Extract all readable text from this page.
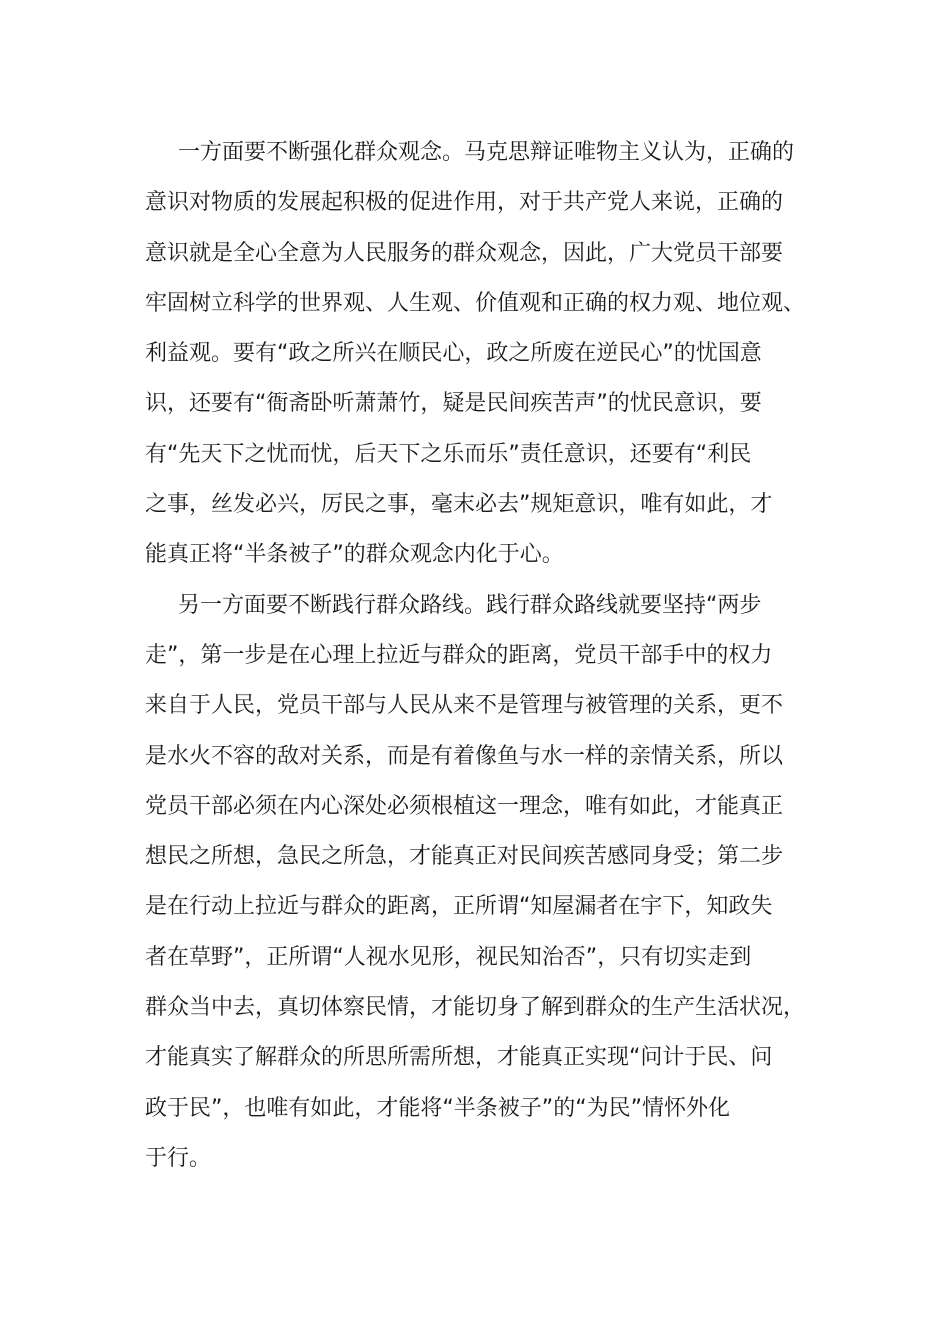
一方面要不断强化群众观念。马克思辩证唯物主义认为，正确的
意识对物质的发展起积极的促进作用，对于共产党人来说，正确的
意识就是全心全意为人民服务的群众观念，因此，广大党员干部要
牢固树立科学的世界观、人生观、价值观和正确的权力观、地位观、
利益观。要有“政之所兴在顺民心，政之所废在逆民心”的忧国意
识，还要有“衙斋卧听萧萧竹，疑是民间疾苦声”的忧民意识，要
有“先天下之忧而忧，后天下之乐而乐”责任意识，还要有“利民
之事，丝发必兴，厉民之事，毫末必去”规矩意识，唯有如此，才
能真正将“半条被子”的群众观念内化于心。
另一方面要不断践行群众路线。践行群众路线就要坚持“两步
走”，第一步是在心理上拉近与群众的距离，党员干部手中的权力
来自于人民，党员干部与人民从来不是管理与被管理的关系，更不
是水火不容的敌对关系，而是有着像鱼与水一样的亲情关系，所以
党员干部必须在内心深处必须根植这一理念，唯有如此，才能真正
想民之所想，急民之所急，才能真正对民间疾苦感同身受；第二步
是在行动上拉近与群众的距离，正所谓“知屋漏者在宇下，知政失
者在草野”，正所谓“人视水见形，视民知治否”，只有切实走到
群众当中去，真切体察民情，才能切身了解到群众的生产生活状况，
才能真实了解群众的所思所需所想，才能真正实现“问计于民、问
政于民”，也唯有如此，才能将“半条被子”的“为民”情怀外化
于行。
